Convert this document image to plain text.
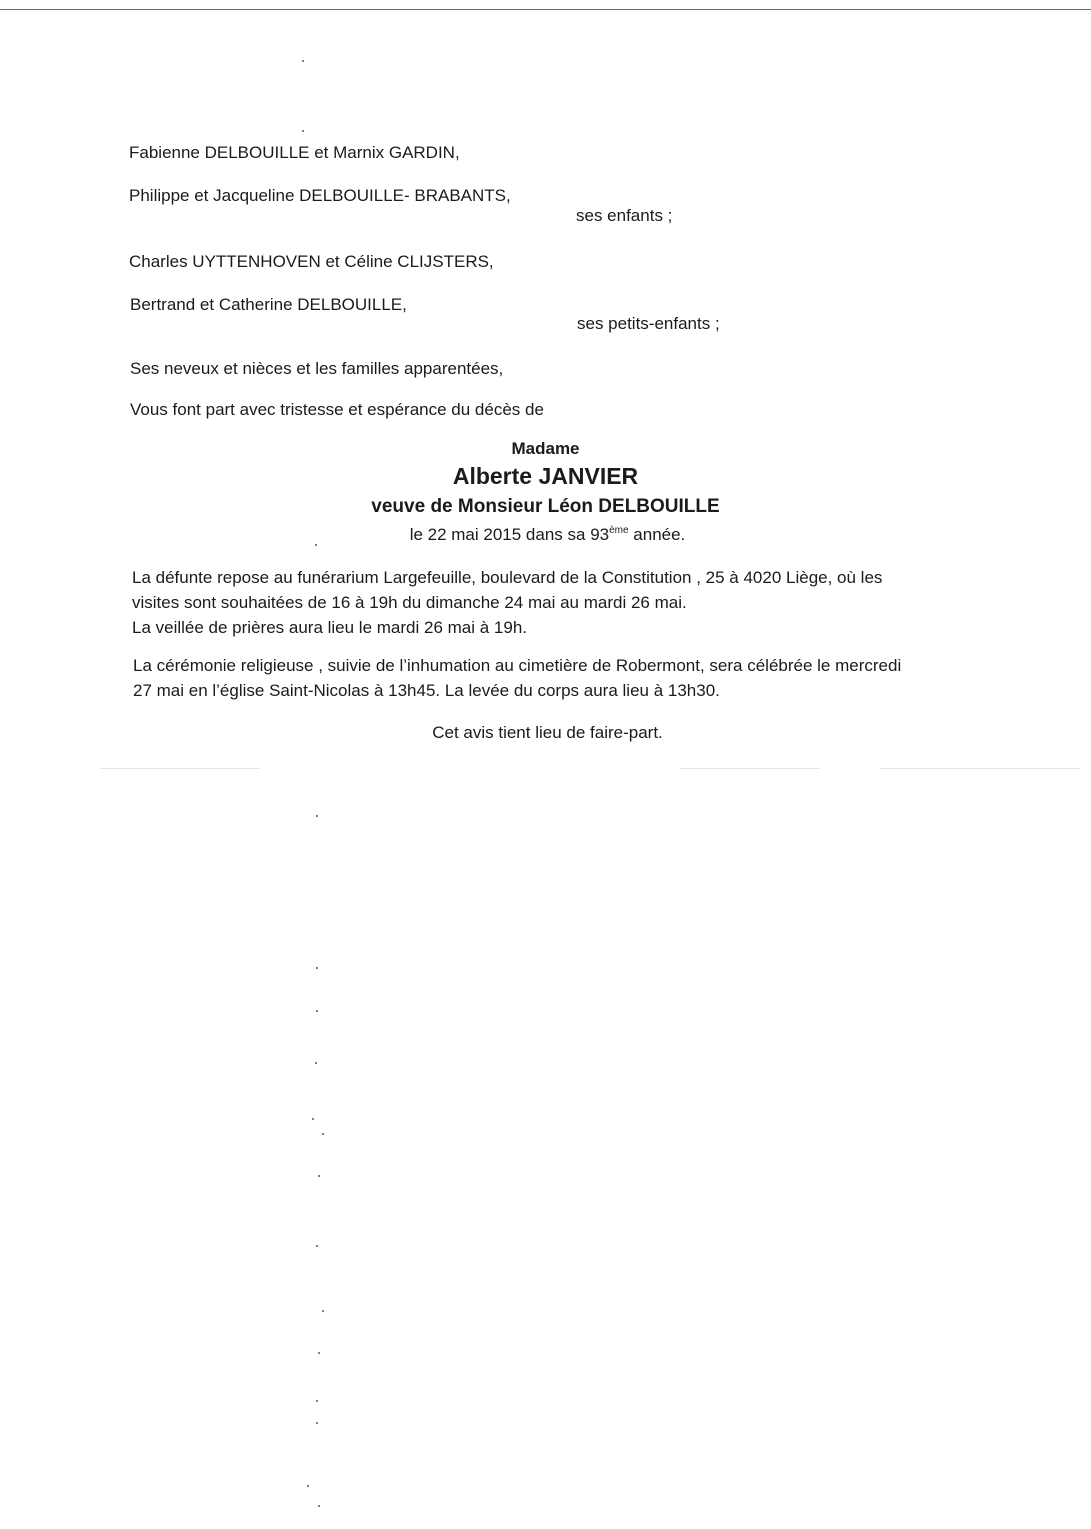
Fabienne DELBOUILLE et Marnix GARDIN,
Philippe et Jacqueline DELBOUILLE- BRABANTS,
ses enfants ;
Charles UYTTENHOVEN et Céline CLIJSTERS,
Bertrand et Catherine DELBOUILLE,
ses petits-enfants ;
Ses neveux et nièces et les familles apparentées,
Vous font part avec tristesse et espérance du décès de
Madame
Alberte JANVIER
veuve de Monsieur Léon DELBOUILLE
le 22 mai 2015 dans sa 93ème année.
La défunte repose au funérarium Largefeuille, boulevard de la Constitution , 25 à 4020 Liège, où les
visites sont souhaitées de 16 à 19h du dimanche 24 mai au mardi 26 mai.
La veillée de prières aura lieu le mardi 26 mai à 19h.
La cérémonie religieuse , suivie de l’inhumation au cimetière de Robermont, sera célébrée le mercredi
27 mai en l’église Saint-Nicolas à 13h45. La levée du corps aura lieu à 13h30.
Cet avis tient lieu de faire-part.
